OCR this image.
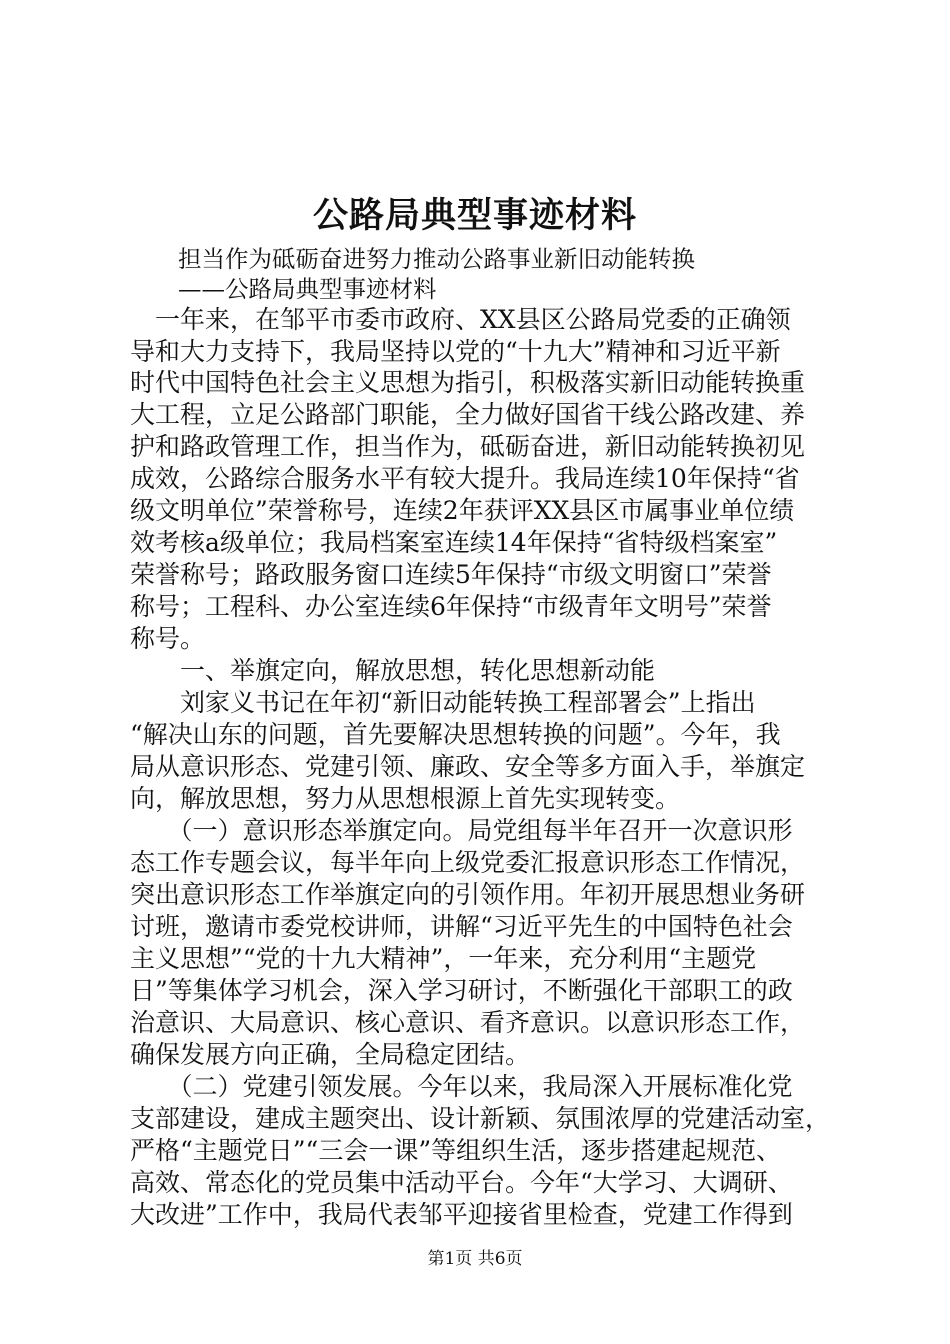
公路局典型事迹材料
担当作为砥砺奋进努力推动公路事业新旧动能转换
——公路局典型事迹材料
　一年来，在邹平市委市政府、XX县区公路局党委的正确领
导和大力支持下，我局坚持以党的“十九大”精神和习近平新
时代中国特色社会主义思想为指引，积极落实新旧动能转换重
大工程，立足公路部门职能，全力做好国省干线公路改建、养
护和路政管理工作，担当作为，砥砺奋进，新旧动能转换初见
成效，公路综合服务水平有较大提升。我局连续10年保持“省
级文明单位”荣誉称号，连续2年获评XX县区市属事业单位绩
效考核a级单位；我局档案室连续14年保持“省特级档案室”
荣誉称号；路政服务窗口连续5年保持“市级文明窗口”荣誉
称号；工程科、办公室连续6年保持“市级青年文明号”荣誉
称号。
　　一、举旗定向，解放思想，转化思想新动能
　　刘家义书记在年初“新旧动能转换工程部署会”上指出
“解决山东的问题，首先要解决思想转换的问题”。今年，我
局从意识形态、党建引领、廉政、安全等多方面入手，举旗定
向，解放思想，努力从思想根源上首先实现转变。
　　（一）意识形态举旗定向。局党组每半年召开一次意识形
态工作专题会议，每半年向上级党委汇报意识形态工作情况，
突出意识形态工作举旗定向的引领作用。年初开展思想业务研
讨班，邀请市委党校讲师，讲解“习近平先生的中国特色社会
主义思想”“党的十九大精神”，一年来，充分利用“主题党
日”等集体学习机会，深入学习研讨，不断强化干部职工的政
治意识、大局意识、核心意识、看齐意识。以意识形态工作，
确保发展方向正确，全局稳定团结。
　　（二）党建引领发展。今年以来，我局深入开展标准化党
支部建设，建成主题突出、设计新颖、氛围浓厚的党建活动室，
严格“主题党日”“三会一课”等组织生活，逐步搭建起规范、
高效、常态化的党员集中活动平台。今年“大学习、大调研、
大改进”工作中，我局代表邹平迎接省里检查，党建工作得到
第1页 共6页
